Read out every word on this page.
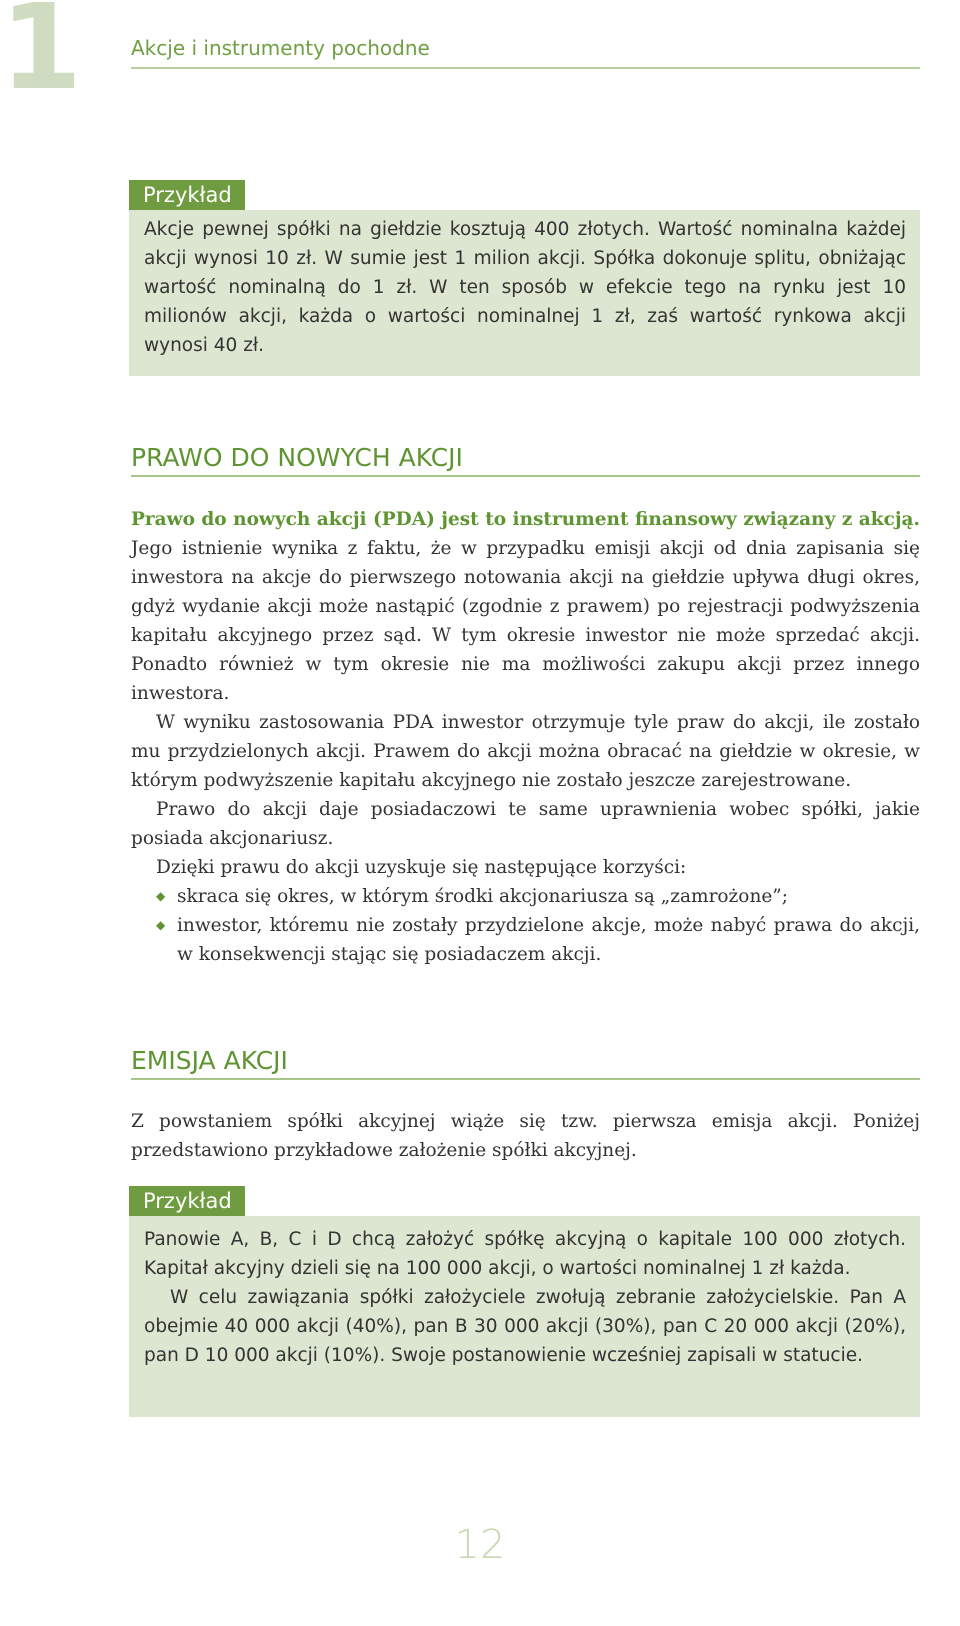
1 Akcje i instrumenty pochodne
Przykład

Akcje pewnej spółki na giełdzie kosztują 400 złotych. Wartość nominalna każdej akcji wynosi 10 zł. W sumie jest 1 milion akcji. Spółka dokonuje splitu, obniżając wartość nominalną do 1 zł. W ten sposób w efekcie tego na rynku jest 10 milionów akcji, każda o wartości nominalnej 1 zł, zaś wartość rynkowa akcji wynosi 40 zł.

PRAWO DO NOWYCH AKCJI

Prawo do nowych akcji (PDA) jest to instrument finansowy związany z akcją. Jego istnienie wynika z faktu, że w przypadku emisji akcji od dnia zapisania się inwestora na akcje do pierwszego notowania akcji na giełdzie upływa długi okres, gdyż wydanie akcji może nastąpić (zgodnie z prawem) po rejestracji podwyższenia kapitału akcyjnego przez sąd. W tym okresie inwestor nie może sprzedać akcji. Ponadto również w tym okresie nie ma możliwości zakupu akcji przez innego inwestora.

W wyniku zastosowania PDA inwestor otrzymuje tyle praw do akcji, ile zostało mu przydzielonych akcji. Prawem do akcji można obracać na giełdzie w okresie, w którym podwyższenie kapitału akcyjnego nie zostało jeszcze zarejestrowane.

Prawo do akcji daje posiadaczowi te same uprawnienia wobec spółki, jakie posiada akcjonariusz.

Dzięki prawu do akcji uzyskuje się następujące korzyści:

◆ skraca się okres, w którym środki akcjonariusza są „zamrożone”;
◆ inwestor, któremu nie zostały przydzielone akcje, może nabyć prawa do akcji, w konsekwencji stając się posiadaczem akcji.
EMISJA AKCJI

Z powstaniem spółki akcyjnej wiąże się tzw. pierwsza emisja akcji. Poniżej przedstawiono przykładowe założenie spółki akcyjnej.

Przykład

Panowie A, B, C i D chcą założyć spółkę akcyjną o kapitale 100 000 złotych. Kapitał akcyjny dzieli się na 100 000 akcji, o wartości nominalnej 1 zł każda.

W celu zawiązania spółki założyciele zwołują zebranie założycielskie. Pan A obejmie 40 000 akcji (40%), pan B 30 000 akcji (30%), pan C 20 000 akcji (20%), pan D 10 000 akcji (10%). Swoje postanowienie wcześniej zapisali w statucie.

12
